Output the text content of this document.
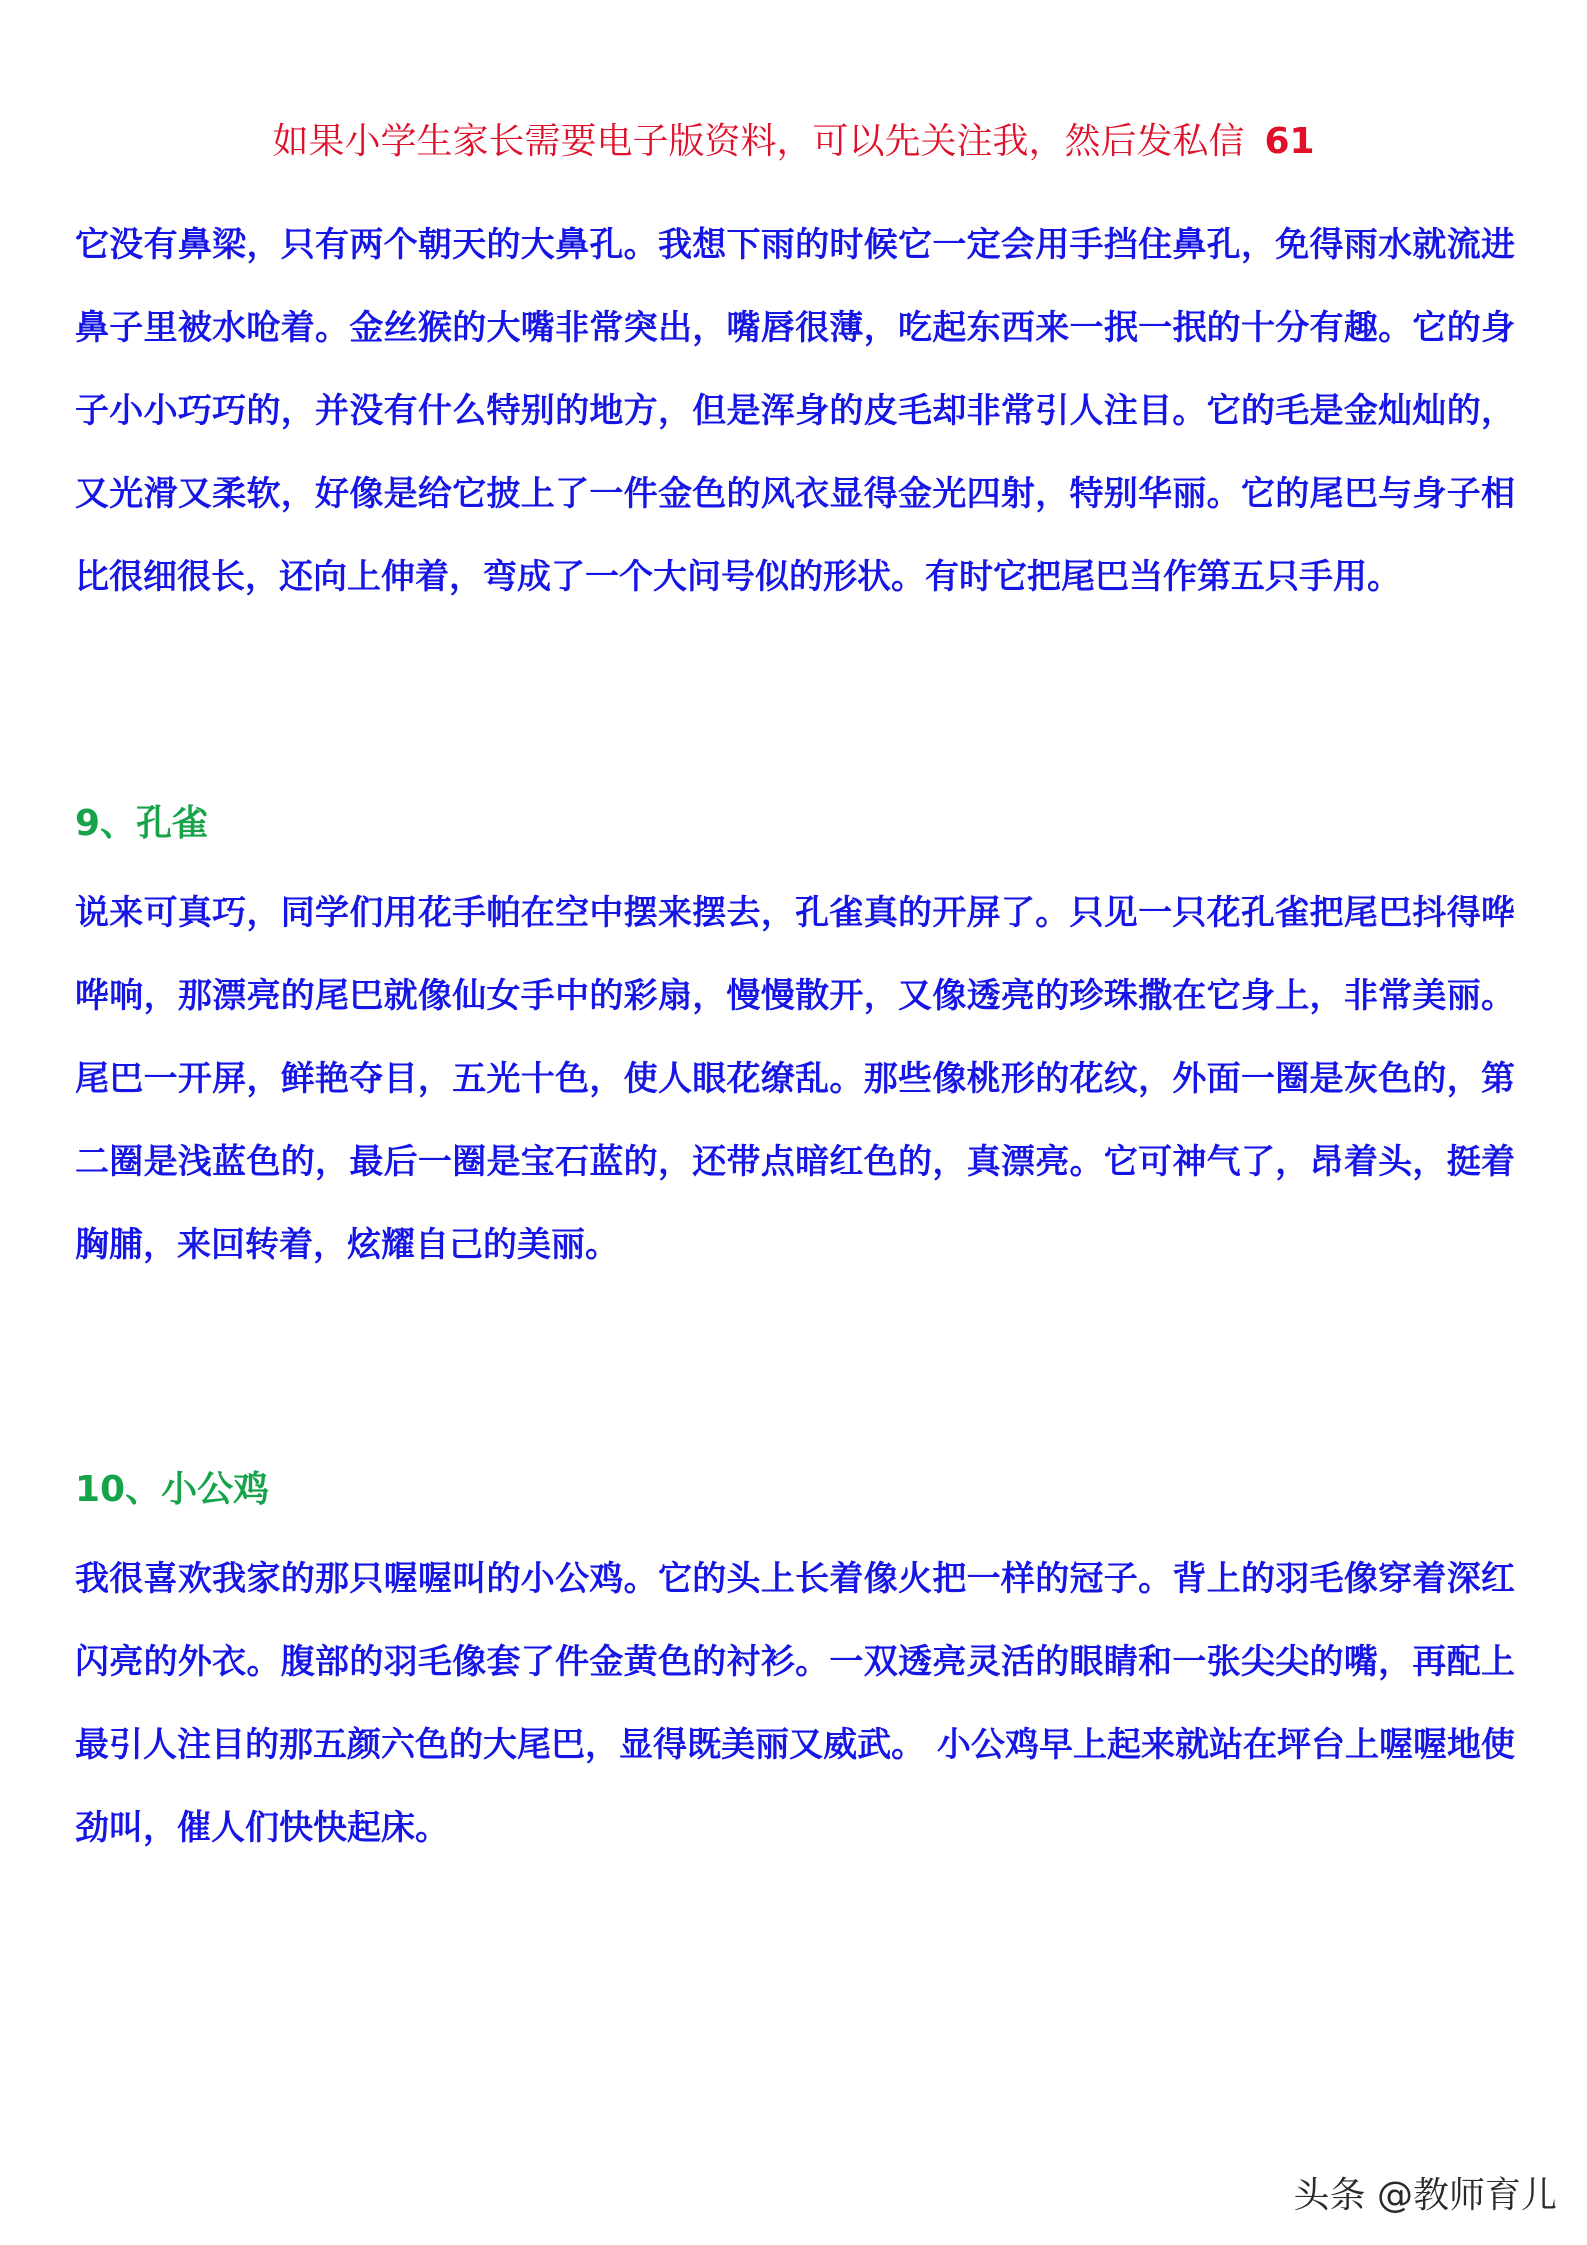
如果小学生家长需要电子版资料，可以先关注我，然后发私信 61

它没有鼻梁，只有两个朝天的大鼻孔。我想下雨的时候它一定会用手挡住鼻孔，免得雨水就流进鼻子里被水呛着。金丝猴的大嘴非常突出，嘴唇很薄，吃起东西来一抿一抿的十分有趣。它的身子小小巧巧的，并没有什么特别的地方，但是浑身的皮毛却非常引人注目。它的毛是金灿灿的，又光滑又柔软，好像是给它披上了一件金色的风衣显得金光四射，特别华丽。它的尾巴与身子相比很细很长，还向上伸着，弯成了一个大问号似的形状。有时它把尾巴当作第五只手用。

9、孔雀

说来可真巧，同学们用花手帕在空中摆来摆去，孔雀真的开屏了。只见一只花孔雀把尾巴抖得哗哗响，那漂亮的尾巴就像仙女手中的彩扇，慢慢散开，又像透亮的珍珠撒在它身上，非常美丽。尾巴一开屏，鲜艳夺目，五光十色，使人眼花缭乱。那些像桃形的花纹，外面一圈是灰色的，第二圈是浅蓝色的，最后一圈是宝石蓝的，还带点暗红色的，真漂亮。它可神气了，昂着头，挺着胸脯，来回转着，炫耀自己的美丽。

10、小公鸡

我很喜欢我家的那只喔喔叫的小公鸡。它的头上长着像火把一样的冠子。背上的羽毛像穿着深红闪亮的外衣。腹部的羽毛像套了件金黄色的衬衫。一双透亮灵活的眼睛和一张尖尖的嘴，再配上最引人注目的那五颜六色的大尾巴，显得既美丽又威武。 小公鸡早上起来就站在坪台上喔喔地使劲叫，催人们快快起床。

头条 @教师育儿
